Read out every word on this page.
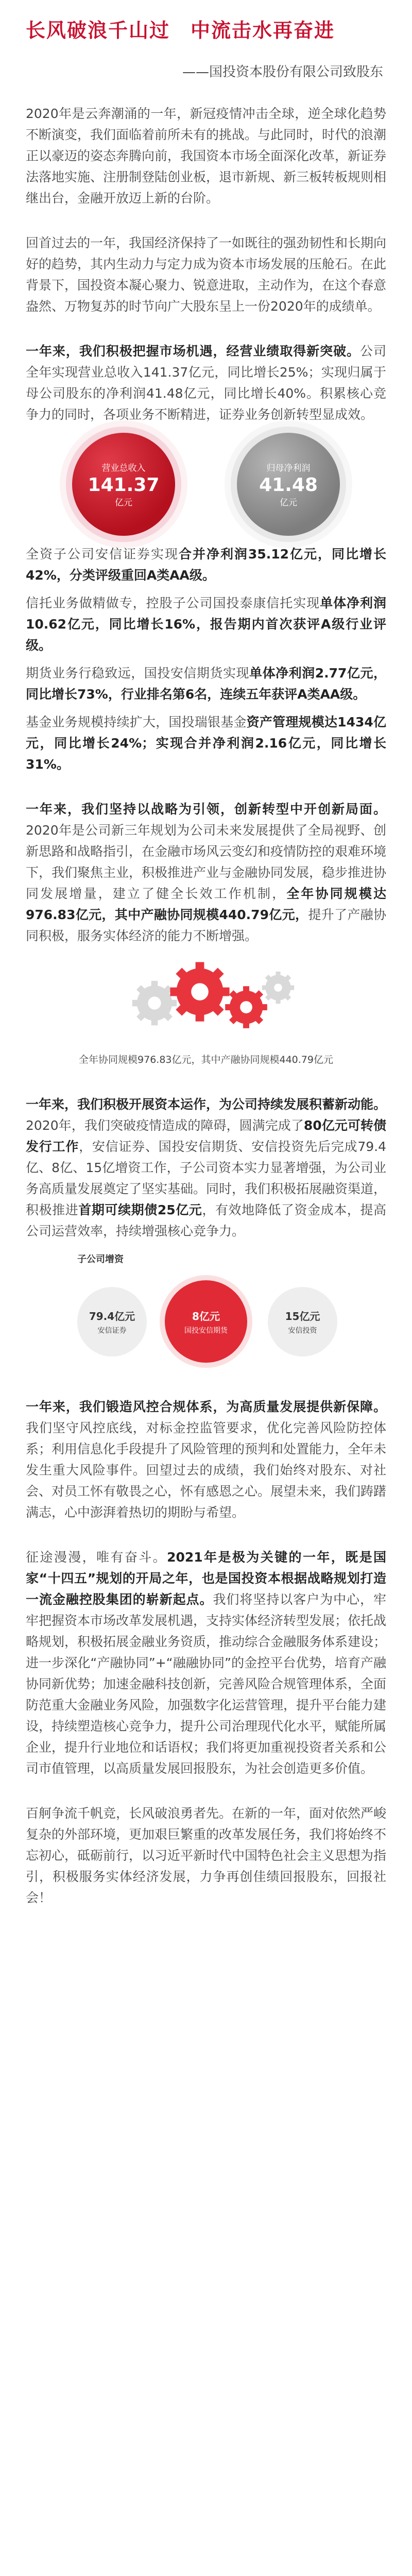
长风破浪千山过　中流击水再奋进
——国投资本股份有限公司致股东

2020年是云奔潮涌的一年，新冠疫情冲击全球，逆全球化趋势不断演变，我们面临着前所未有的挑战。与此同时，时代的浪潮正以豪迈的姿态奔腾向前，我国资本市场全面深化改革，新证券法落地实施、注册制登陆创业板，退市新规、新三板转板规则相继出台，金融开放迈上新的台阶。

回首过去的一年，我国经济保持了一如既往的强劲韧性和长期向好的趋势，其内生动力与定力成为资本市场发展的压舱石。在此背景下，国投资本凝心聚力、锐意进取，主动作为，在这个春意盎然、万物复苏的时节向广大股东呈上一份2020年的成绩单。

一年来，我们积极把握市场机遇，经营业绩取得新突破。公司全年实现营业总收入141.37亿元，同比增长25%；实现归属于母公司股东的净利润41.48亿元，同比增长40%。积累核心竞争力的同时，各项业务不断精进，证券业务创新转型显成效。

营业总收入
141.37
亿元
归母净利润
41.48
亿元

全资子公司安信证券实现合并净利润35.12亿元，同比增长42%，分类评级重回A类AA级。

信托业务做精做专，控股子公司国投泰康信托实现单体净利润10.62亿元，同比增长16%，报告期内首次获评A级行业评级。

期货业务行稳致远，国投安信期货实现单体净利润2.77亿元，同比增长73%，行业排名第6名，连续五年获评A类AA级。

基金业务规模持续扩大，国投瑞银基金资产管理规模达1434亿元，同比增长24%；实现合并净利润2.16亿元，同比增长31%。

一年来，我们坚持以战略为引领，创新转型中开创新局面。2020年是公司新三年规划为公司未来发展提供了全局视野、创新思路和战略指引，在金融市场风云变幻和疫情防控的艰难环境下，我们聚焦主业，积极推进产业与金融协同发展，稳步推进协同发展增量，建立了健全长效工作机制，全年协同规模达976.83亿元，其中产融协同规模440.79亿元，提升了产融协同积极，服务实体经济的能力不断增强。

全年协同规模976.83亿元，其中产融协同规模440.79亿元

一年来，我们积极开展资本运作，为公司持续发展积蓄新动能。2020年，我们突破疫情造成的障碍，圆满完成了80亿元可转债发行工作，安信证券、国投安信期货、安信投资先后完成79.4亿、8亿、15亿增资工作，子公司资本实力显著增强，为公司业务高质量发展奠定了坚实基础。同时，我们积极拓展融资渠道，积极推进首期可续期债25亿元，有效地降低了资金成本，提高公司运营效率，持续增强核心竞争力。

子公司增资
79.4亿元
安信证券
8亿元
国投安信期货
15亿元
安信投资

一年来，我们锻造风控合规体系，为高质量发展提供新保障。我们坚守风控底线，对标金控监管要求，优化完善风险防控体系；利用信息化手段提升了风险管理的预判和处置能力，全年未发生重大风险事件。回望过去的成绩，我们始终对股东、对社会、对员工怀有敬畏之心，怀有感恩之心。展望未来，我们踌躇满志，心中澎湃着热切的期盼与希望。

征途漫漫，唯有奋斗。2021年是极为关键的一年，既是国家“十四五”规划的开局之年，也是国投资本根据战略规划打造一流金融控股集团的崭新起点。我们将坚持以客户为中心，牢牢把握资本市场改革发展机遇，支持实体经济转型发展；依托战略规划，积极拓展金融业务资质，推动综合金融服务体系建设；进一步深化“产融协同”+“融融协同”的金控平台优势，培育产融协同新优势；加速金融科技创新，完善风险合规管理体系，全面防范重大金融业务风险，加强数字化运营管理，提升平台能力建设，持续塑造核心竞争力，提升公司治理现代化水平，赋能所属企业，提升行业地位和话语权；我们将更加重视投资者关系和公司市值管理，以高质量发展回报股东，为社会创造更多价值。

百舸争流千帆竞，长风破浪勇者先。在新的一年，面对依然严峻复杂的外部环境，更加艰巨繁重的改革发展任务，我们将始终不忘初心，砥砺前行，以习近平新时代中国特色社会主义思想为指引，积极服务实体经济发展，力争再创佳绩回报股东，回报社会！
